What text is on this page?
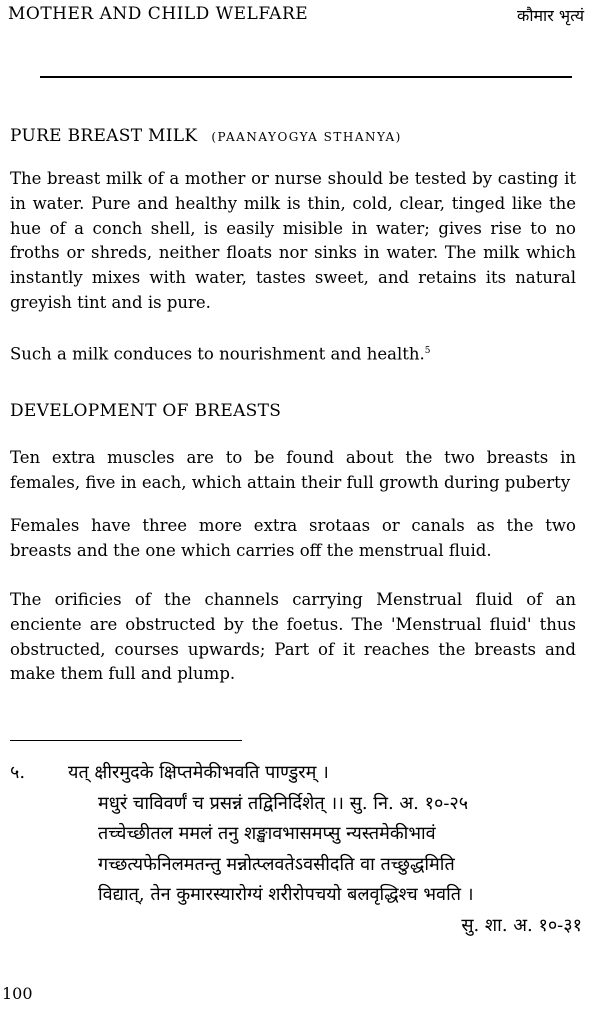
MOTHER AND CHILD WELFARE	कौमार भृत्यं
PURE BREAST MILK (PAANAYOGYA STHANYA)
The breast milk of a mother or nurse should be tested by casting it in water. Pure and healthy milk is thin, cold, clear, tinged like the hue of a conch shell, is easily misible in water; gives rise to no froths or shreds, neither floats nor sinks in water. The milk which instantly mixes with water, tastes sweet, and retains its natural greyish tint and is pure.
Such a milk conduces to nourishment and health.$^5$
DEVELOPMENT OF BREASTS
Ten extra muscles are to be found about the two breasts in females, five in each, which attain their full growth during puberty
Females have three more extra srotaas or canals as the two breasts and the one which carries off the menstrual fluid.
The orificies of the channels carrying Menstrual fluid of an enciente are obstructed by the foetus. The 'Menstrual fluid' thus obstructed, courses upwards; Part of it reaches the breasts and make them full and plump.
५. यत् क्षीरमुदके क्षिप्तमेकीभवति पाण्डुरम् ।
मधुरं चाविवर्णं च प्रसन्नं तद्विनिर्दिशेत् ।। सु. नि. अ. १०-२५
तच्चेच्छीतल ममलं तनु शङ्खावभासमप्सु न्यस्तमेकीभावं
गच्छत्यफेनिलमतन्तु मन्नोत्प्लवतेऽवसीदति वा तच्छुद्धमिति
विद्यात्, तेन कुमारस्यारोग्यं शरीरोपचयो बलवृद्धिश्च भवति ।
सु. शा. अ. १०-३१
100
